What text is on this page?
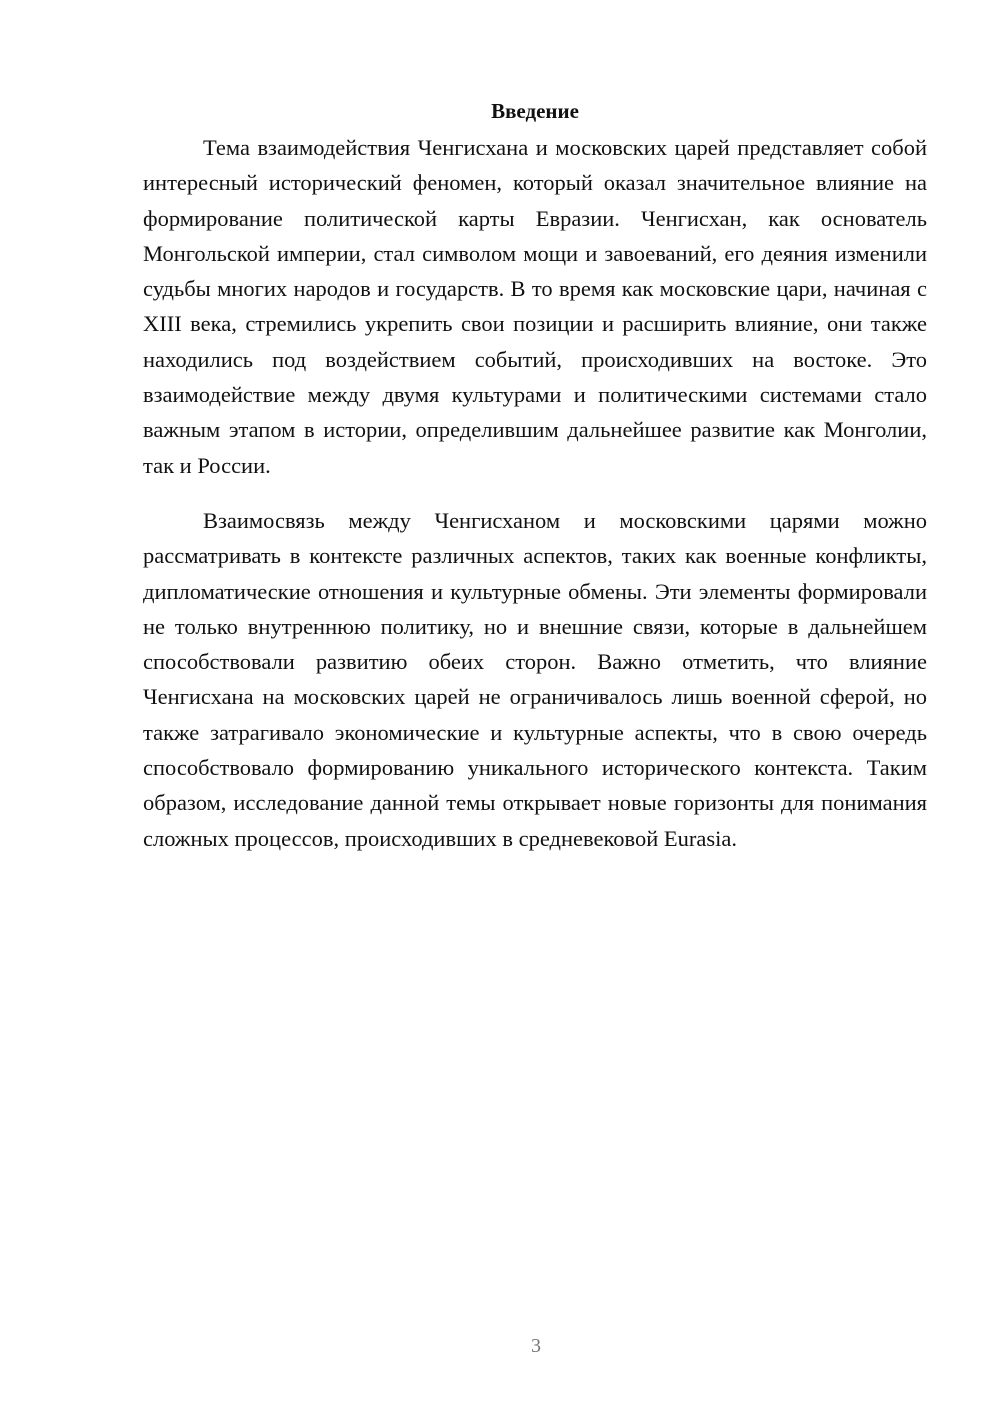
Введение

Тема взаимодействия Ченгисхана и московских царей представляет собой интересный исторический феномен, который оказал значительное влияние на формирование политической карты Евразии. Ченгисхан, как основатель Монгольской империи, стал символом мощи и завоеваний, его деяния изменили судьбы многих народов и государств. В то время как московские цари, начиная с XIII века, стремились укрепить свои позиции и расширить влияние, они также находились под воздействием событий, происходивших на востоке. Это взаимодействие между двумя культурами и политическими системами стало важным этапом в истории, определившим дальнейшее развитие как Монголии, так и России.

Взаимосвязь между Ченгисханом и московскими царями можно рассматривать в контексте различных аспектов, таких как военные конфликты, дипломатические отношения и культурные обмены. Эти элементы формировали не только внутреннюю политику, но и внешние связи, которые в дальнейшем способствовали развитию обеих сторон. Важно отметить, что влияние Ченгисхана на московских царей не ограничивалось лишь военной сферой, но также затрагивало экономические и культурные аспекты, что в свою очередь способствовало формированию уникального исторического контекста. Таким образом, исследование данной темы открывает новые горизонты для понимания сложных процессов, происходивших в средневековой Eurasia.

3
